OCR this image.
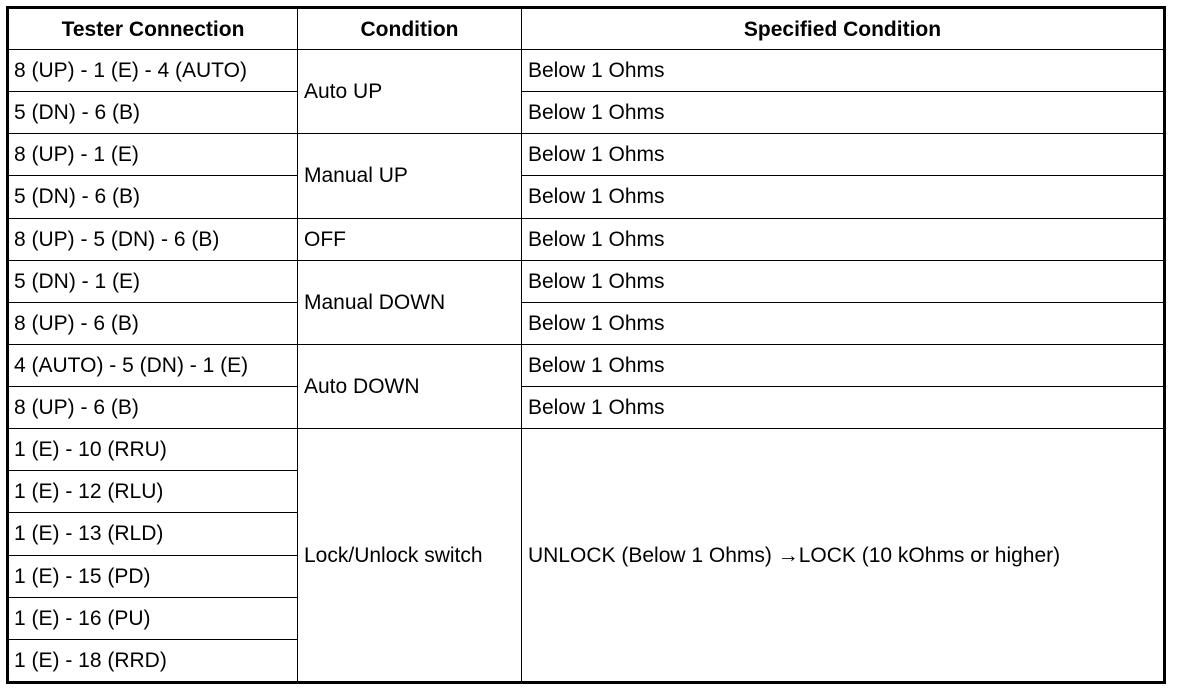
Tester Connection	Condition	Specified Condition
8 (UP) - 1 (E) - 4 (AUTO)	Auto UP	Below 1 Ohms
5 (DN) - 6 (B)		Below 1 Ohms
8 (UP) - 1 (E)	Manual UP	Below 1 Ohms
5 (DN) - 6 (B)		Below 1 Ohms
8 (UP) - 5 (DN) - 6 (B)	OFF	Below 1 Ohms
5 (DN) - 1 (E)	Manual DOWN	Below 1 Ohms
8 (UP) - 6 (B)		Below 1 Ohms
4 (AUTO) - 5 (DN) - 1 (E)	Auto DOWN	Below 1 Ohms
8 (UP) - 6 (B)		Below 1 Ohms
1 (E) - 10 (RRU)	Lock/Unlock switch	UNLOCK (Below 1 Ohms) →LOCK (10 kOhms or higher)
1 (E) - 12 (RLU)		
1 (E) - 13 (RLD)		
1 (E) - 15 (PD)		
1 (E) - 16 (PU)		
1 (E) - 18 (RRD)		
